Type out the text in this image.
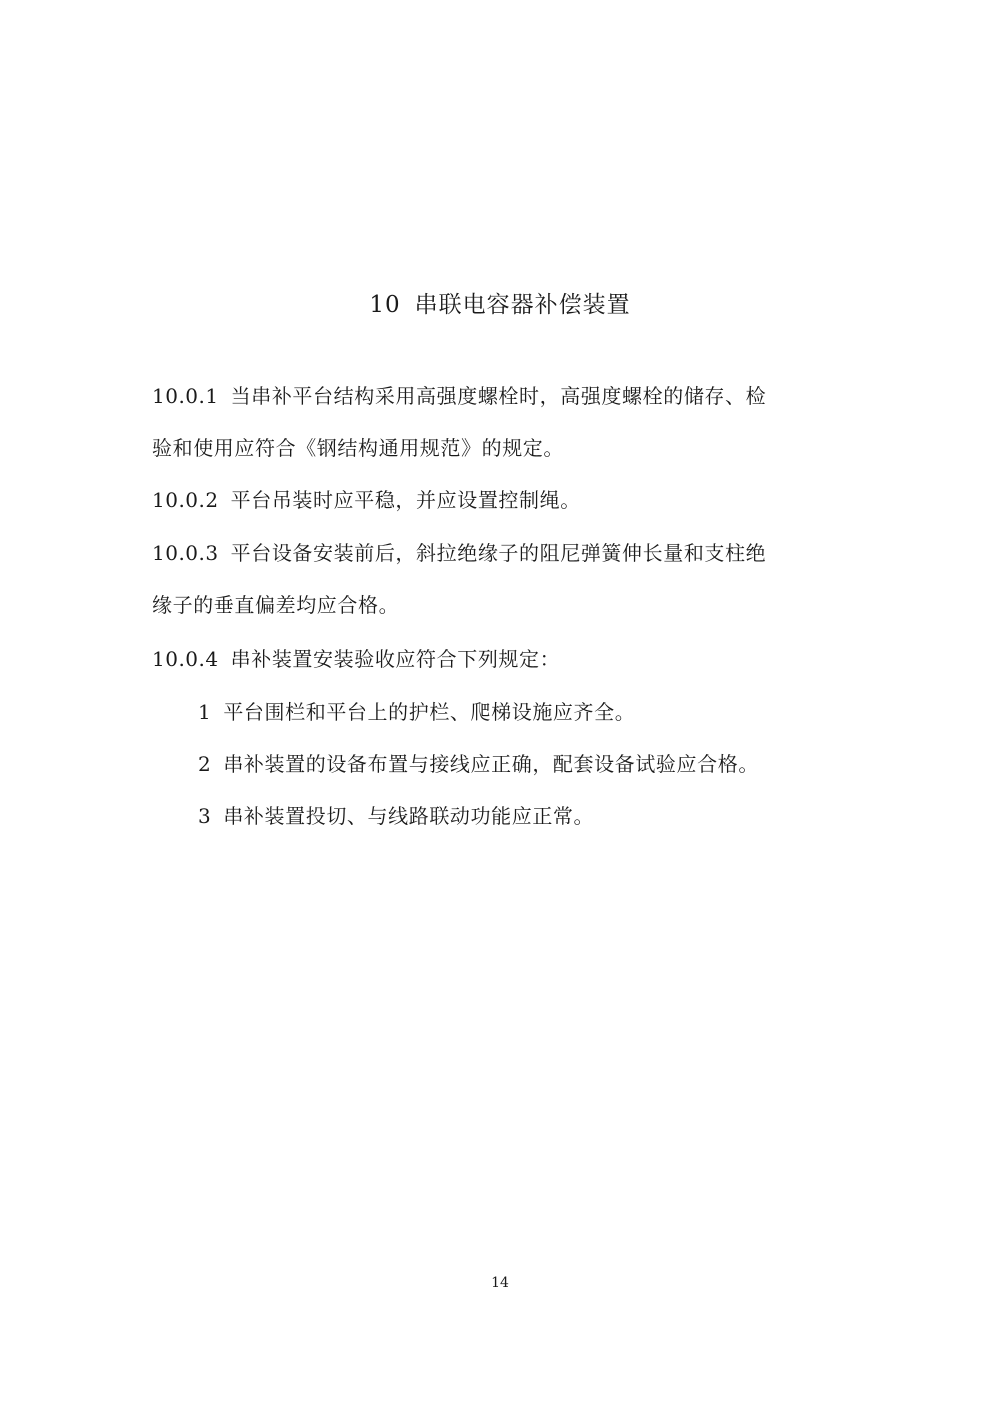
10 串联电容器补偿装置
10.0.1 当串补平台结构采用高强度螺栓时，高强度螺栓的储存、检
验和使用应符合《钢结构通用规范》的规定。
10.0.2 平台吊装时应平稳，并应设置控制绳。
10.0.3 平台设备安装前后，斜拉绝缘子的阻尼弹簧伸长量和支柱绝
缘子的垂直偏差均应合格。
10.0.4 串补装置安装验收应符合下列规定：
1 平台围栏和平台上的护栏、爬梯设施应齐全。
2 串补装置的设备布置与接线应正确，配套设备试验应合格。
3 串补装置投切、与线路联动功能应正常。
14
